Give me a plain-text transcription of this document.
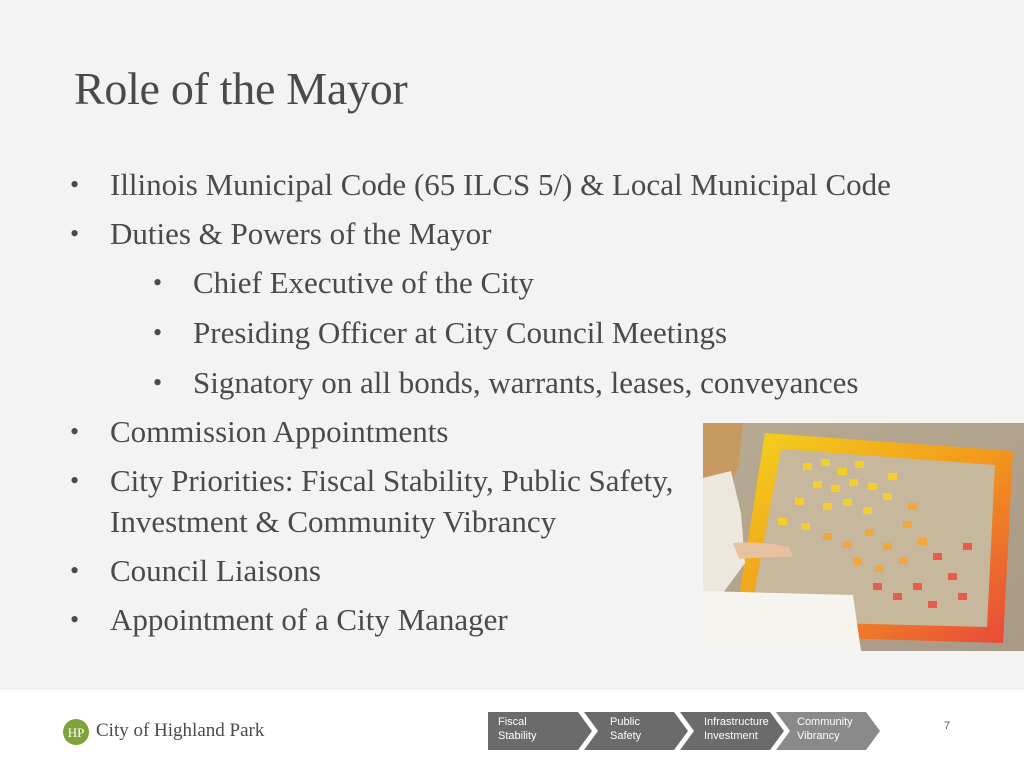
Role of the Mayor
• Illinois Municipal Code (65 ILCS 5/) & Local Municipal Code
• Duties & Powers of the Mayor
• Chief Executive of the City
• Presiding Officer at City Council Meetings
• Signatory on all bonds, warrants, leases, conveyances
• Commission Appointments
• City Priorities: Fiscal Stability, Public Safety,
Investment & Community Vibrancy
• Council Liaisons
• Appointment of a City Manager
HP City of Highland Park	Fiscal
Stability
Public
Safety
Infrastructure
Investment
Community
Vibrancy
7
